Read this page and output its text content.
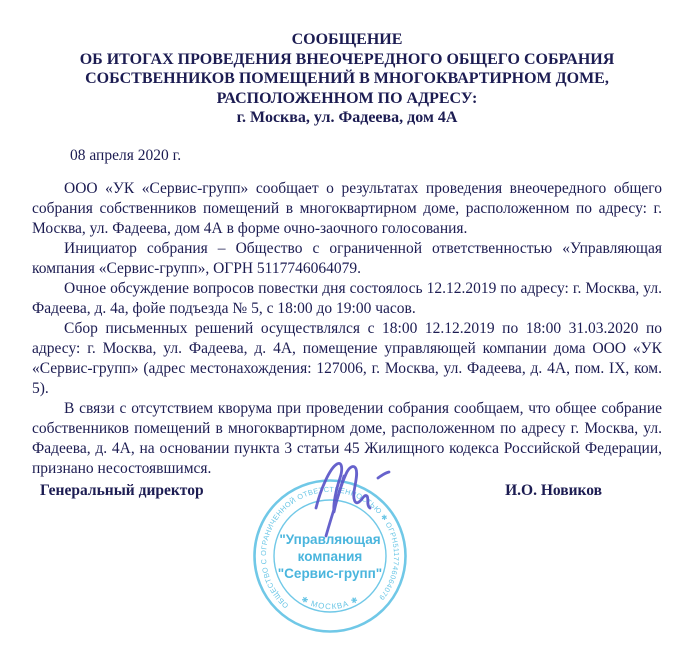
СООБЩЕНИЕ
ОБ ИТОГАХ ПРОВЕДЕНИЯ ВНЕОЧЕРЕДНОГО ОБЩЕГО СОБРАНИЯ
СОБСТВЕННИКОВ ПОМЕЩЕНИЙ В МНОГОКВАРТИРНОМ ДОМЕ,
РАСПОЛОЖЕННОМ ПО АДРЕСУ:
г. Москва, ул. Фадеева, дом 4А
08 апреля 2020 г.

ООО «УК «Сервис-групп» сообщает о результатах проведения внеочередного общего собрания собственников помещений в многоквартирном доме, расположенном по адресу: г. Москва, ул. Фадеева, дом 4А в форме очно-заочного голосования.

Инициатор собрания – Общество с ограниченной ответственностью «Управляющая компания «Сервис-групп», ОГРН 5117746064079.

Очное обсуждение вопросов повестки дня состоялось 12.12.2019 по адресу: г. Москва, ул. Фадеева, д. 4а, фойе подъезда № 5, с 18:00 до 19:00 часов.

Сбор письменных решений осуществлялся с 18:00 12.12.2019 по 18:00 31.03.2020 по адресу: г. Москва, ул. Фадеева, д. 4А, помещение управляющей компании дома ООО «УК «Сервис-групп» (адрес местонахождения: 127006, г. Москва, ул. Фадеева, д. 4А, пом. IX, ком. 5).

В связи с отсутствием кворума при проведении собрания сообщаем, что общее собрание собственников помещений в многоквартирном доме, расположенном по адресу г. Москва, ул. Фадеева, д. 4А, на основании пункта 3 статьи 45 Жилищного кодекса Российской Федерации, признано несостоявшимся.

Генеральный директор	И.О. Новиков
ОБЩЕСТВО С ОГРАНИЧЕННОЙ ОТВЕТСТВЕННОСТЬЮ ✱ ОГРН5117746064079
✱ МОСКВА ✱
"Управляющая
компания
"Сервис-групп"
